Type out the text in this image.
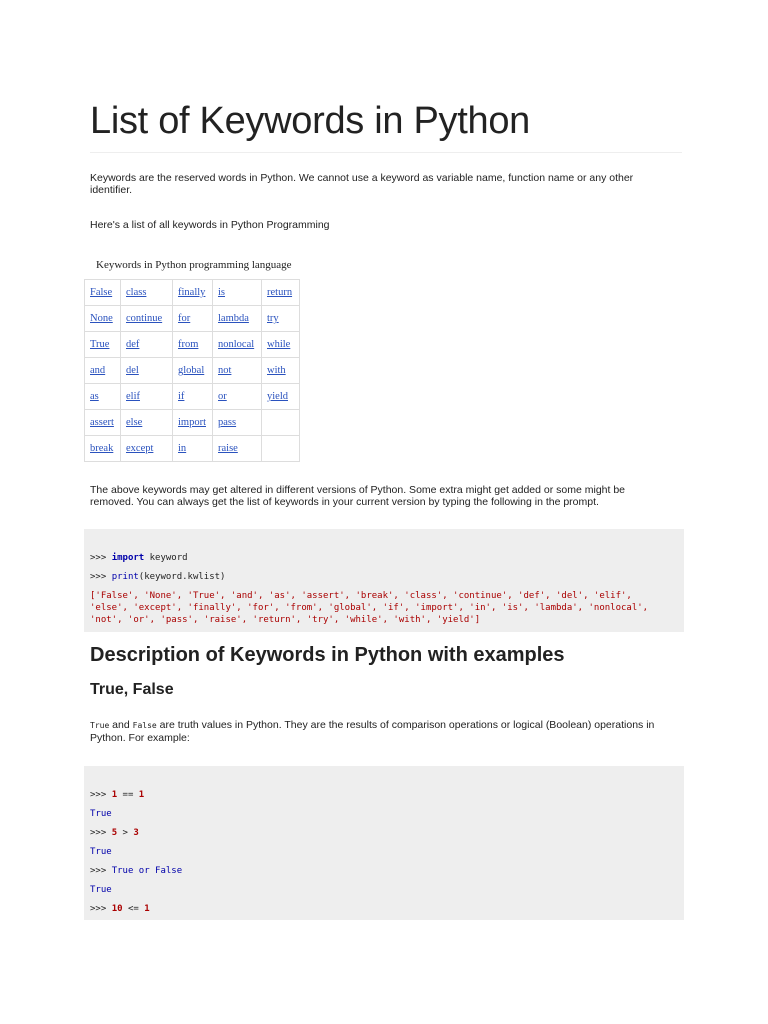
List of Keywords in Python

Keywords are the reserved words in Python. We cannot use a keyword as variable name, function name or any other identifier.

Here's a list of all keywords in Python Programming

Keywords in Python programming language
False	class	finally	is	return
None	continue	for	lambda	try
True	def	from	nonlocal	while
and	del	global	not	with
as	elif	if	or	yield
assert	else	import	pass	
break	except	in	raise	

The above keywords may get altered in different versions of Python. Some extra might get added or some might be removed. You can always get the list of keywords in your current version by typing the following in the prompt.

>>> import keyword
>>> print(keyword.kwlist)
['False', 'None', 'True', 'and', 'as', 'assert', 'break', 'class', 'continue', 'def', 'del', 'elif',
'else', 'except', 'finally', 'for', 'from', 'global', 'if', 'import', 'in', 'is', 'lambda', 'nonlocal',
'not', 'or', 'pass', 'raise', 'return', 'try', 'while', 'with', 'yield']
Description of Keywords in Python with examples
True, False

True and False are truth values in Python. They are the results of comparison operations or logical (Boolean) operations in Python. For example:

>>> 1 == 1
True
>>> 5 > 3
True
>>> True or False
True
>>> 10 <= 1
